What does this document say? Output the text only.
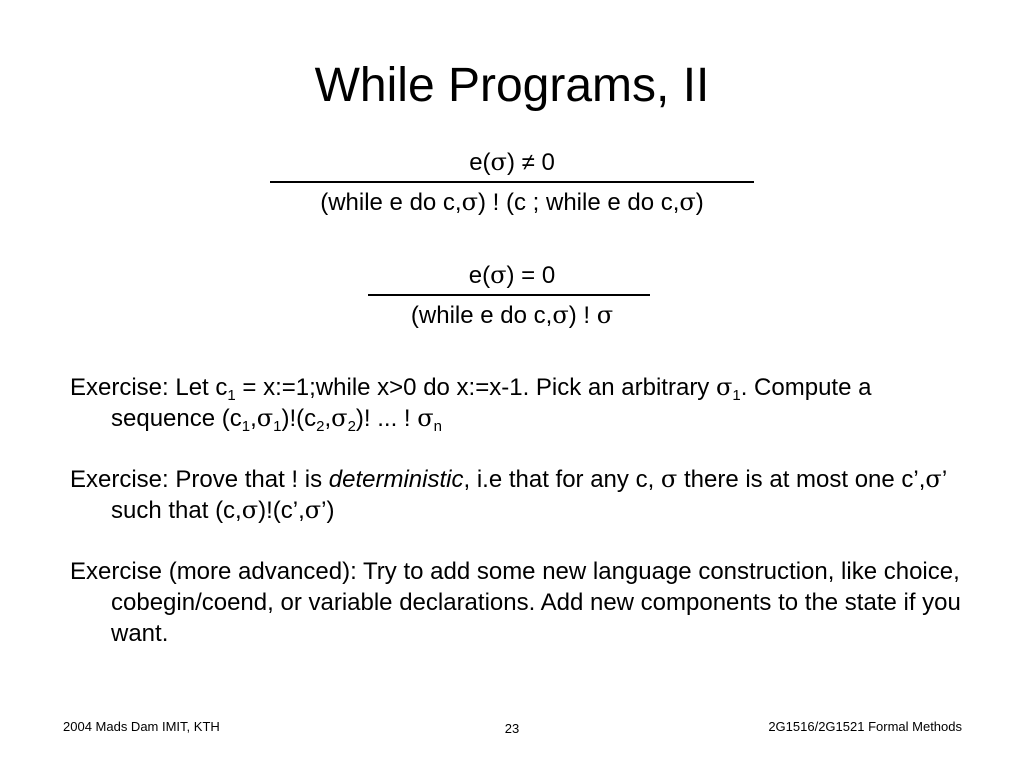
While Programs, II
e(σ) ≠ 0
(while e do c,σ) ! (c ; while e do c,σ)
e(σ) = 0
(while e do c,σ) ! σ

Exercise: Let $c_1$ = x:=1;while x>0 do x:=x-1. Pick an arbitrary $\sigma_1$. Compute a sequence $(c_1,\sigma_1)!(c_2,\sigma_2)$! ... ! $\sigma_n$

Exercise: Prove that ! is deterministic, i.e that for any c, σ there is at most one c’,σ’ such that (c,σ)!(c’,σ’)

Exercise (more advanced): Try to add some new language construction, like choice, cobegin/coend, or variable declarations. Add new components to the state if you want.

2004 Mads Dam IMIT, KTH	23	2G1516/2G1521 Formal Methods
